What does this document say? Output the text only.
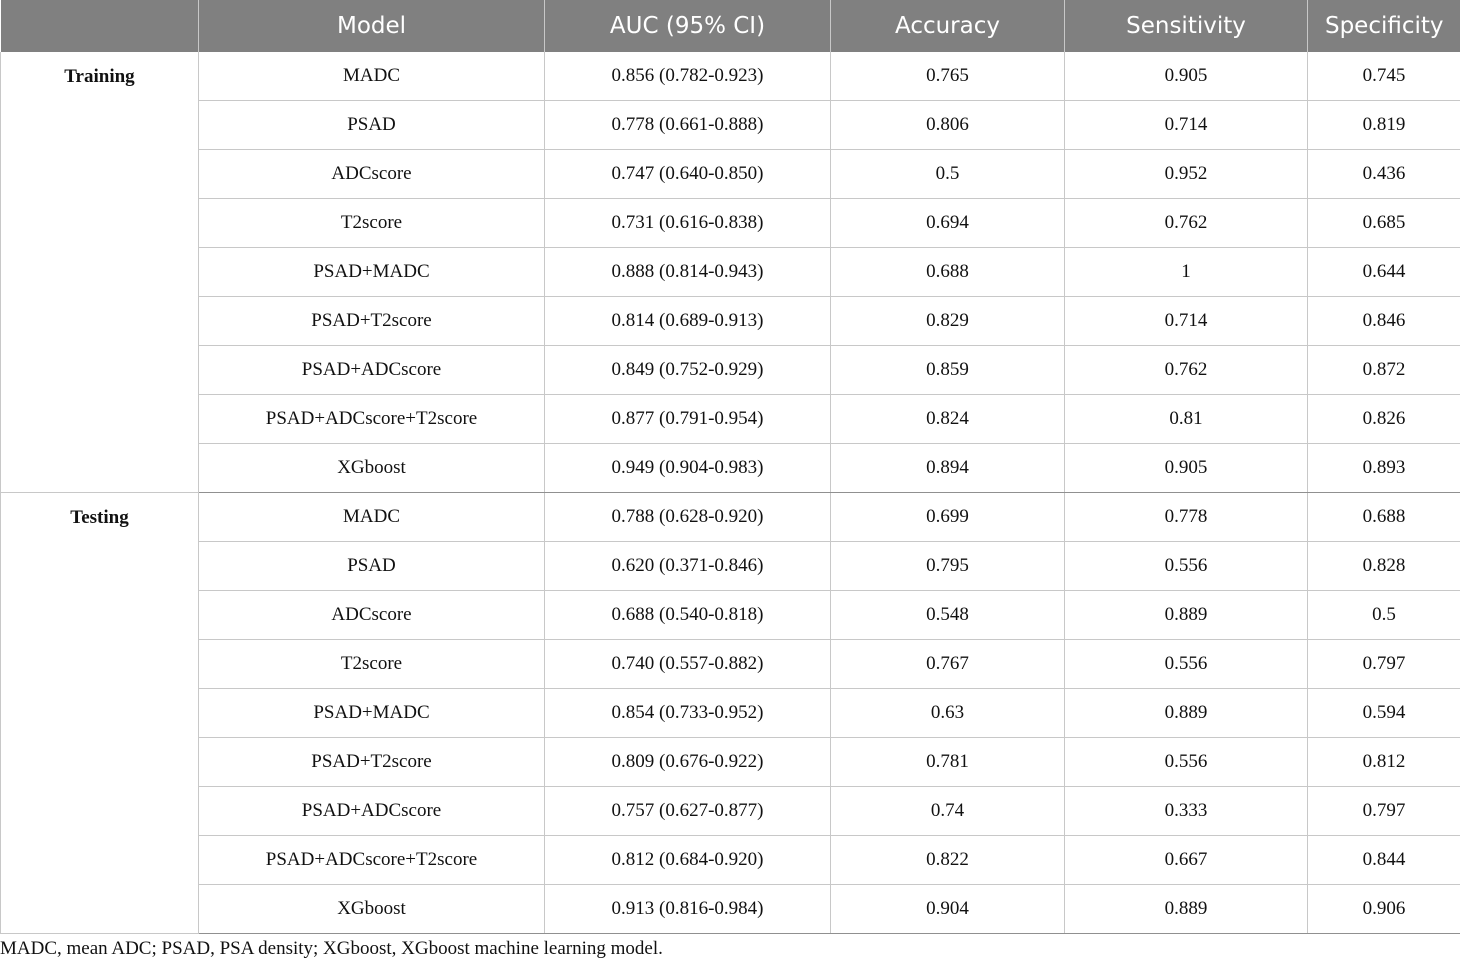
	Model	AUC (95% CI)	Accuracy	Sensitivity	Specificity
Training	MADC	0.856 (0.782-0.923)	0.765	0.905	0.745
	PSAD	0.778 (0.661-0.888)	0.806	0.714	0.819
	ADCscore	0.747 (0.640-0.850)	0.5	0.952	0.436
	T2score	0.731 (0.616-0.838)	0.694	0.762	0.685
	PSAD+MADC	0.888 (0.814-0.943)	0.688	1	0.644
	PSAD+T2score	0.814 (0.689-0.913)	0.829	0.714	0.846
	PSAD+ADCscore	0.849 (0.752-0.929)	0.859	0.762	0.872
	PSAD+ADCscore+T2score	0.877 (0.791-0.954)	0.824	0.81	0.826
	XGboost	0.949 (0.904-0.983)	0.894	0.905	0.893
Testing	MADC	0.788 (0.628-0.920)	0.699	0.778	0.688
	PSAD	0.620 (0.371-0.846)	0.795	0.556	0.828
	ADCscore	0.688 (0.540-0.818)	0.548	0.889	0.5
	T2score	0.740 (0.557-0.882)	0.767	0.556	0.797
	PSAD+MADC	0.854 (0.733-0.952)	0.63	0.889	0.594
	PSAD+T2score	0.809 (0.676-0.922)	0.781	0.556	0.812
	PSAD+ADCscore	0.757 (0.627-0.877)	0.74	0.333	0.797
	PSAD+ADCscore+T2score	0.812 (0.684-0.920)	0.822	0.667	0.844
	XGboost	0.913 (0.816-0.984)	0.904	0.889	0.906
MADC, mean ADC; PSAD, PSA density; XGboost, XGboost machine learning model.
